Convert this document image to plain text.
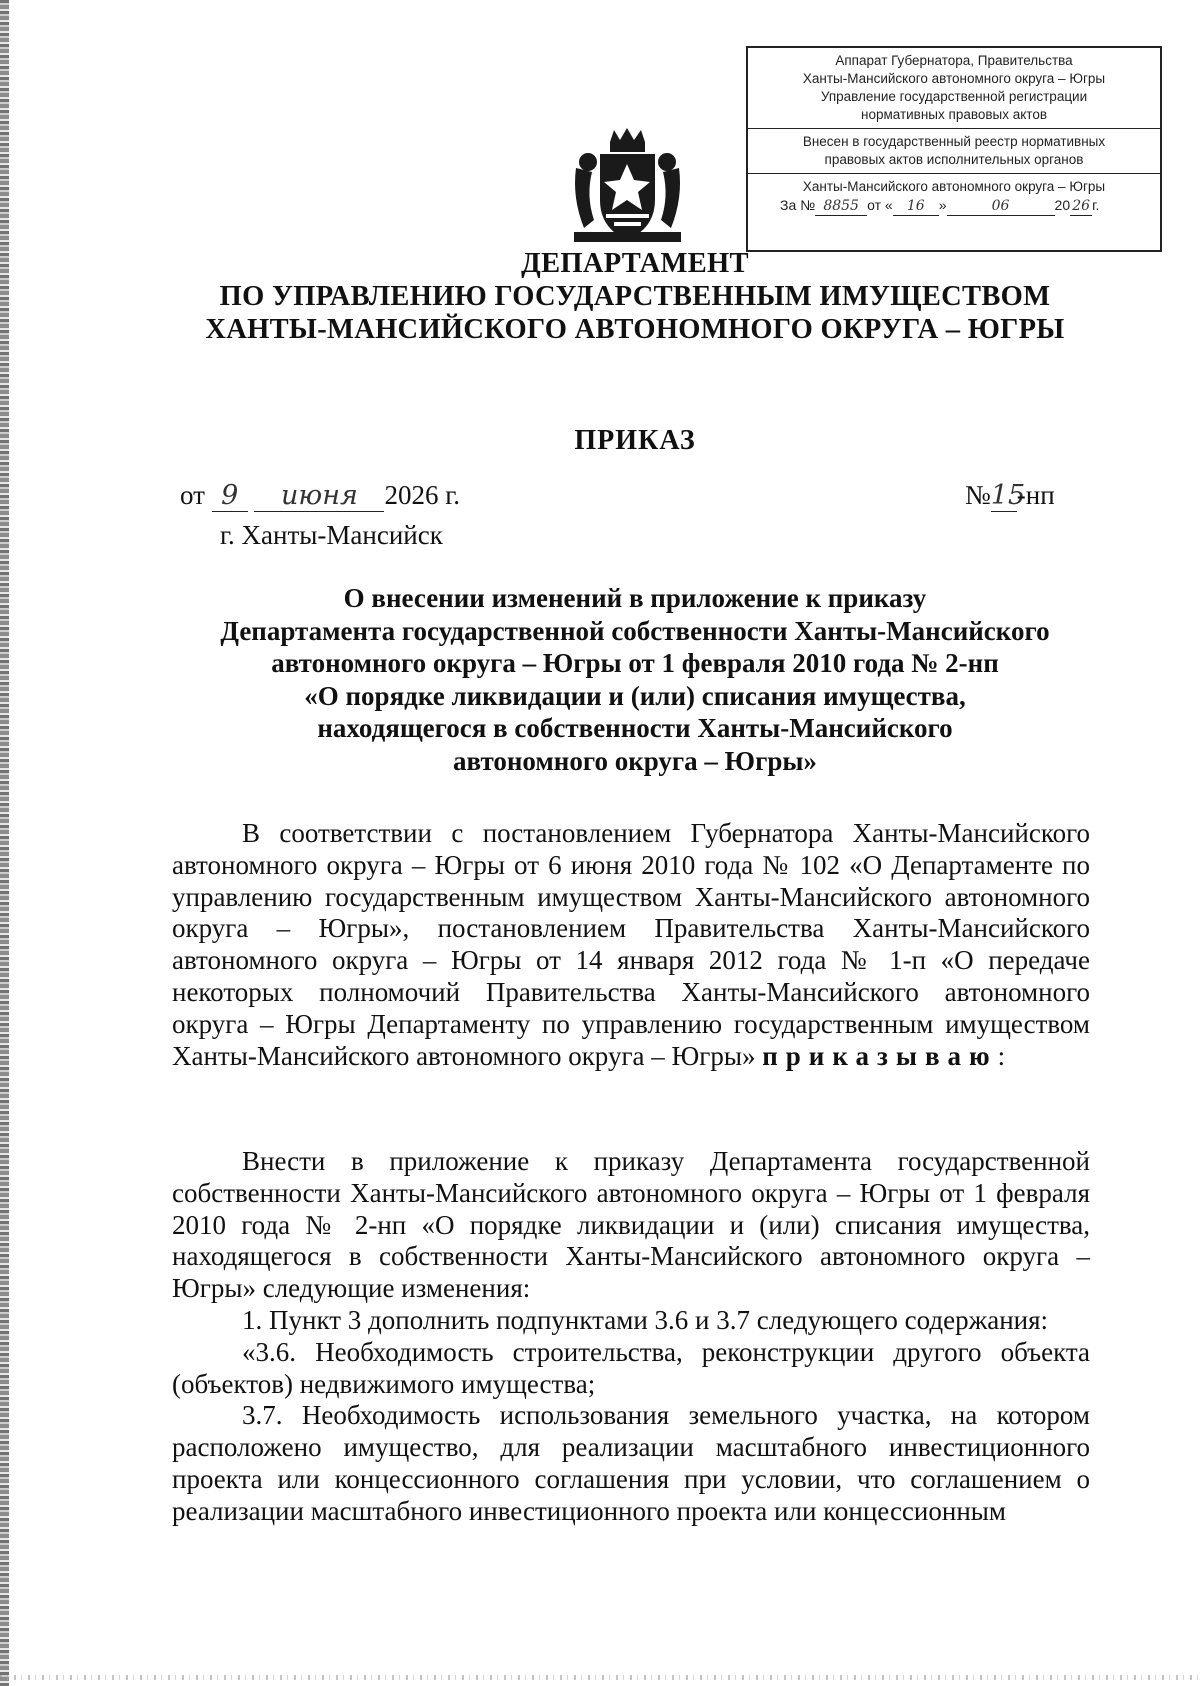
Аппарат Губернатора, Правительства
Ханты-Мансийского автономного округа – Югры
Управление государственной регистрации
нормативных правовых актов
Внесен в государственный реестр нормативных
правовых актов исполнительных органов
Ханты-Мансийского автономного округа – Югры
За № 8855 от « 16 »	06	20 26 г.
ДЕПАРТАМЕНТ
ПО УПРАВЛЕНИЮ ГОСУДАРСТВЕННЫМ ИМУЩЕСТВОМ
ХАНТЫ-МАНСИЙСКОГО АВТОНОМНОГО ОКРУГА – ЮГРЫ
ПРИКАЗ
от 9 июня 2026 г.	№15-нп
г. Ханты-Мансийск
О внесении изменений в приложение к приказу
Департамента государственной собственности Ханты-Мансийского
автономного округа – Югры от 1 февраля 2010 года № 2-нп
«О порядке ликвидации и (или) списания имущества,
находящегося в собственности Ханты-Мансийского
автономного округа – Югры»
В соответствии с постановлением Губернатора Ханты-Мансийского автономного округа – Югры от 6 июня 2010 года № 102 «О Департаменте по управлению государственным имуществом Ханты-Мансийского автономного округа – Югры», постановлением Правительства Ханты-Мансийского автономного округа – Югры от 14 января 2012 года № 1-п «О передаче некоторых полномочий Правительства Ханты-Мансийского автономного округа – Югры Департаменту по управлению государственным имуществом Ханты-Мансийского автономного округа – Югры» приказываю:
Внести в приложение к приказу Департамента государственной собственности Ханты-Мансийского автономного округа – Югры от 1 февраля 2010 года № 2-нп «О порядке ликвидации и (или) списания имущества, находящегося в собственности Ханты-Мансийского автономного округа – Югры» следующие изменения:
1. Пункт 3 дополнить подпунктами 3.6 и 3.7 следующего содержания:
«3.6. Необходимость строительства, реконструкции другого объекта (объектов) недвижимого имущества;
3.7. Необходимость использования земельного участка, на котором расположено имущество, для реализации масштабного инвестиционного проекта или концессионного соглашения при условии, что соглашением о реализации масштабного инвестиционного проекта или концессионным
